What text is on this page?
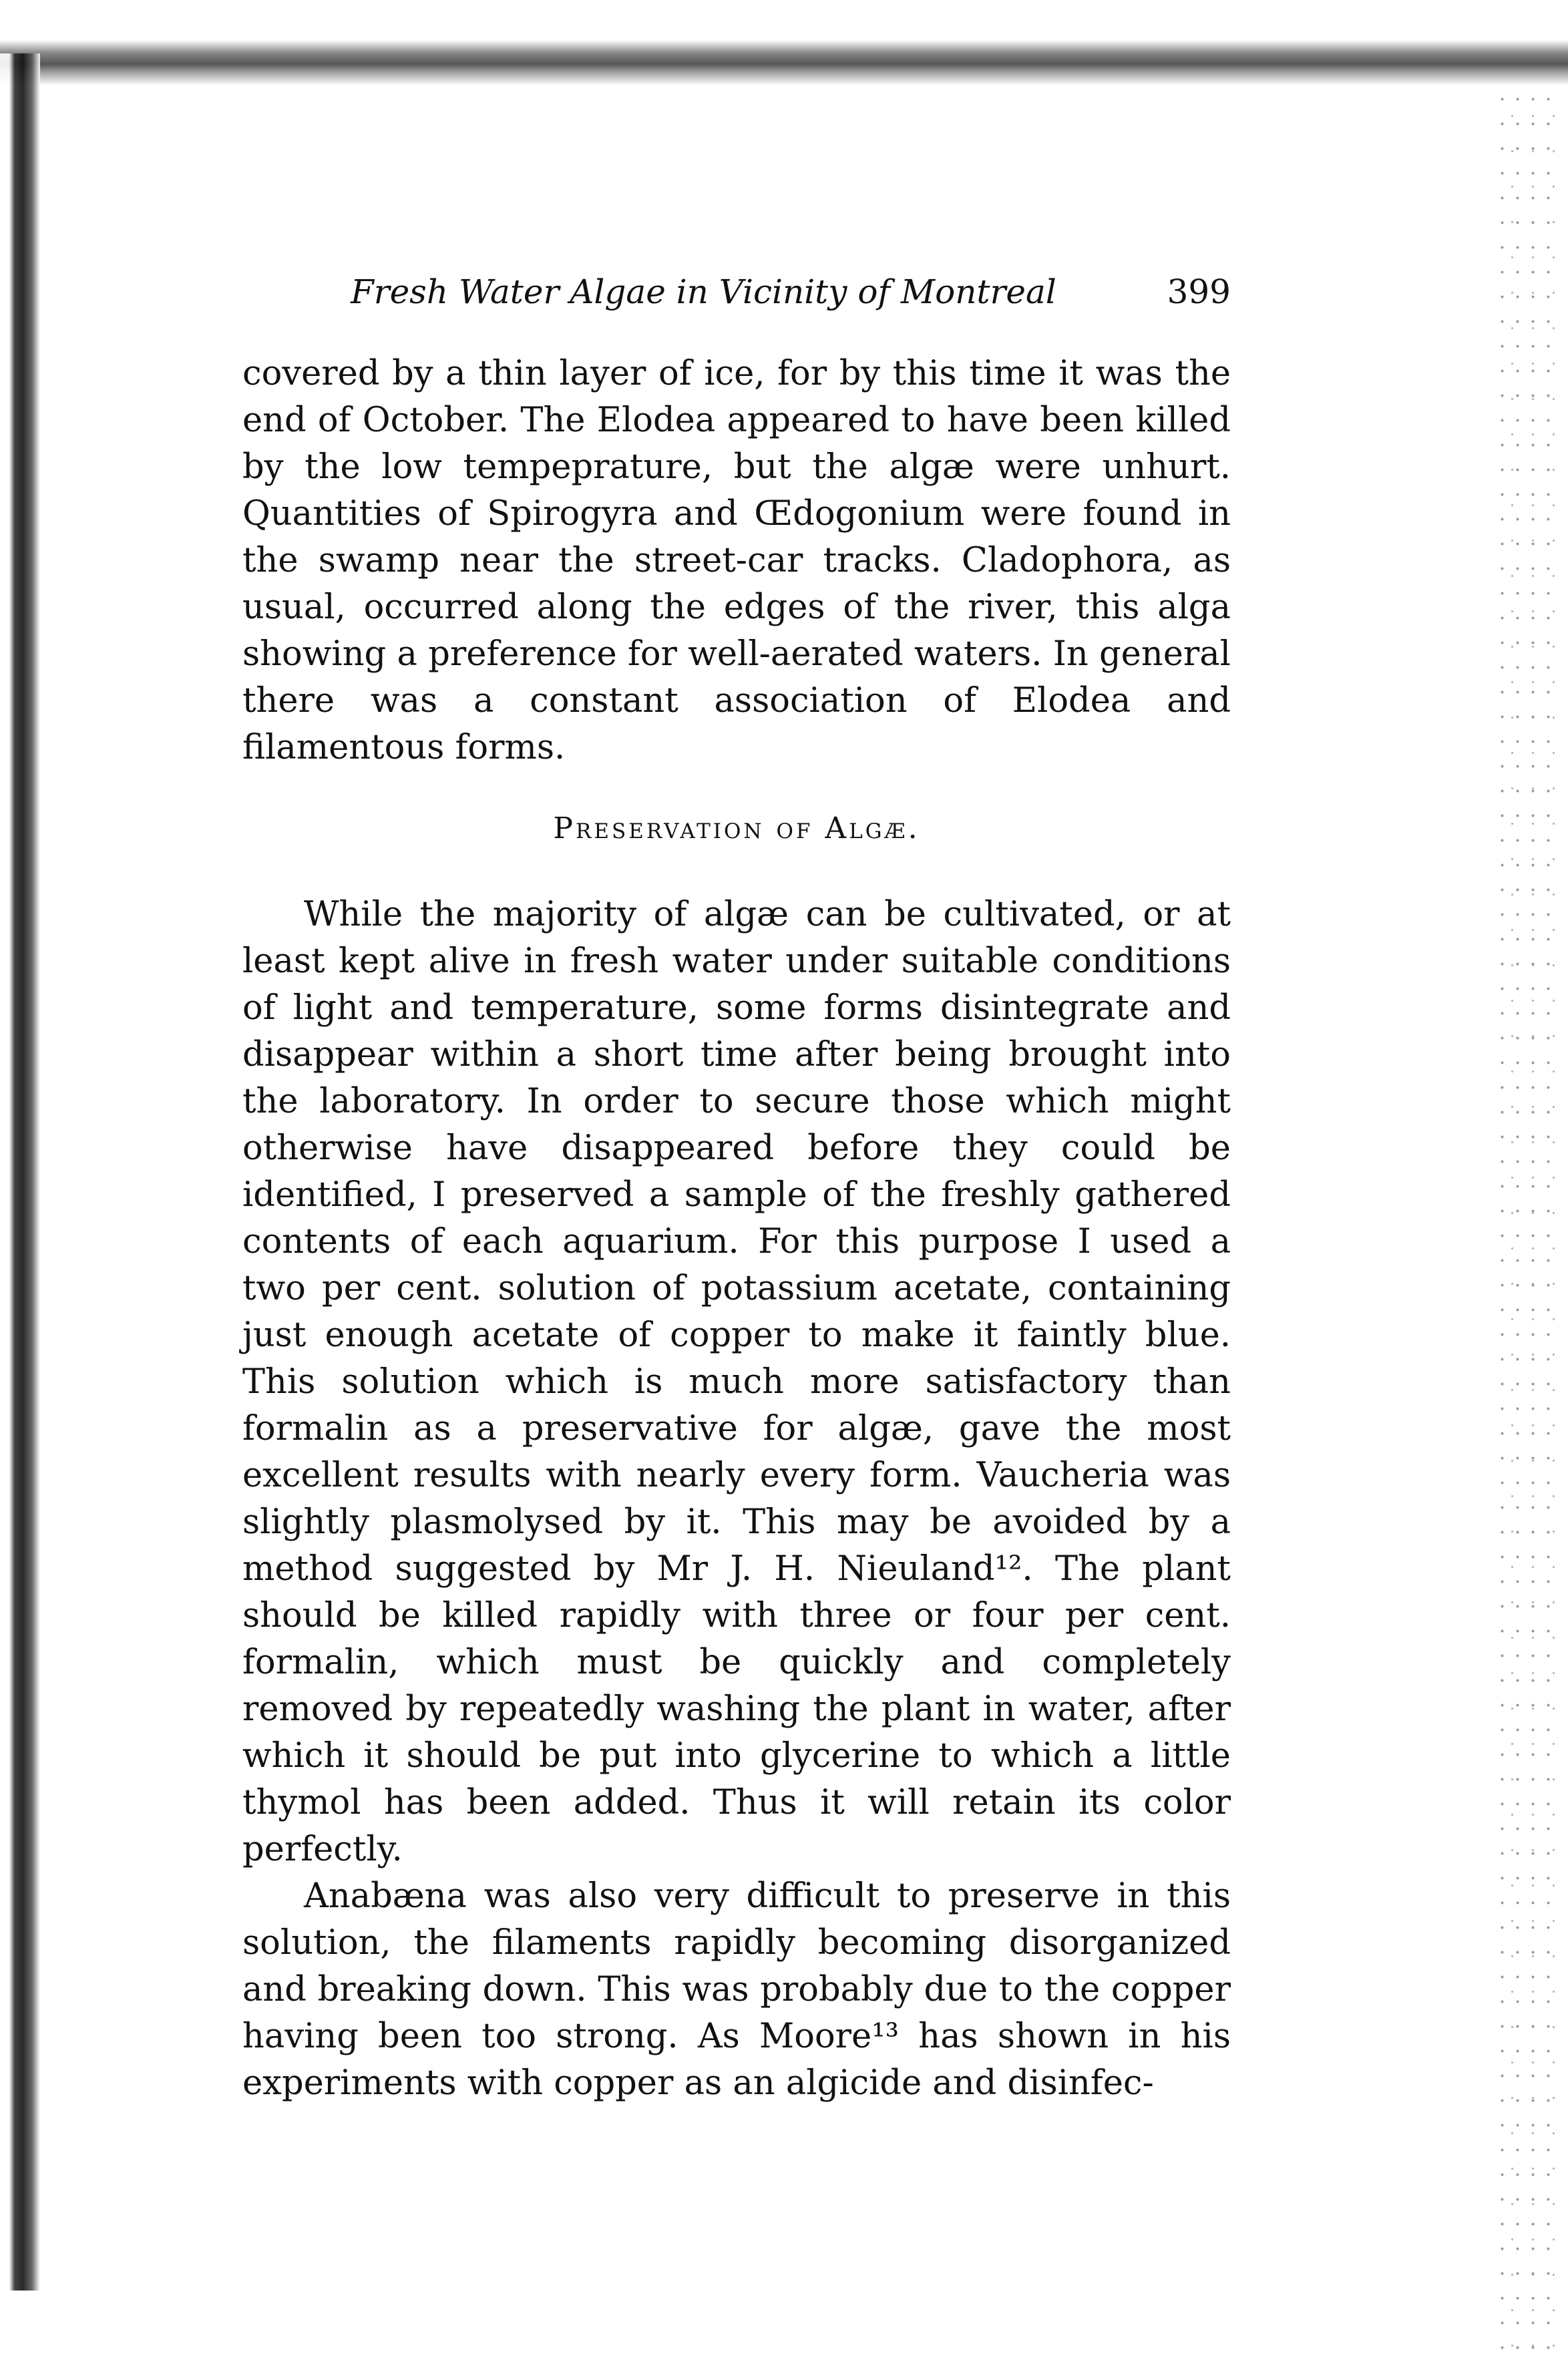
Fresh Water Algae in Vicinity of Montreal	399

covered by a thin layer of ice, for by this time it was the end of October. The Elodea appeared to have been killed by the low tempeprature, but the algæ were unhurt. Quantities of Spirogyra and Œdogonium were found in the swamp near the street-car tracks. Cladophora, as usual, occurred along the edges of the river, this alga showing a preference for well-aerated waters. In general there was a constant association of Elodea and filamentous forms.

Preservation of Algæ.

While the majority of algæ can be cultivated, or at least kept alive in fresh water under suitable conditions of light and temperature, some forms disintegrate and disappear within a short time after being brought into the laboratory. In order to secure those which might otherwise have disappeared before they could be identified, I preserved a sample of the freshly gathered contents of each aquarium. For this purpose I used a two per cent. solution of potassium acetate, containing just enough acetate of copper to make it faintly blue. This solution which is much more satisfactory than formalin as a preservative for algæ, gave the most excellent results with nearly every form. Vaucheria was slightly plasmolysed by it. This may be avoided by a method suggested by Mr J. H. Nieuland¹². The plant should be killed rapidly with three or four per cent. formalin, which must be quickly and completely removed by repeatedly washing the plant in water, after which it should be put into glycerine to which a little thymol has been added. Thus it will retain its color perfectly.

Anabæna was also very difficult to preserve in this solution, the filaments rapidly becoming disorganized and breaking down. This was probably due to the copper having been too strong. As Moore¹³ has shown in his experiments with copper as an algicide and disinfec-
